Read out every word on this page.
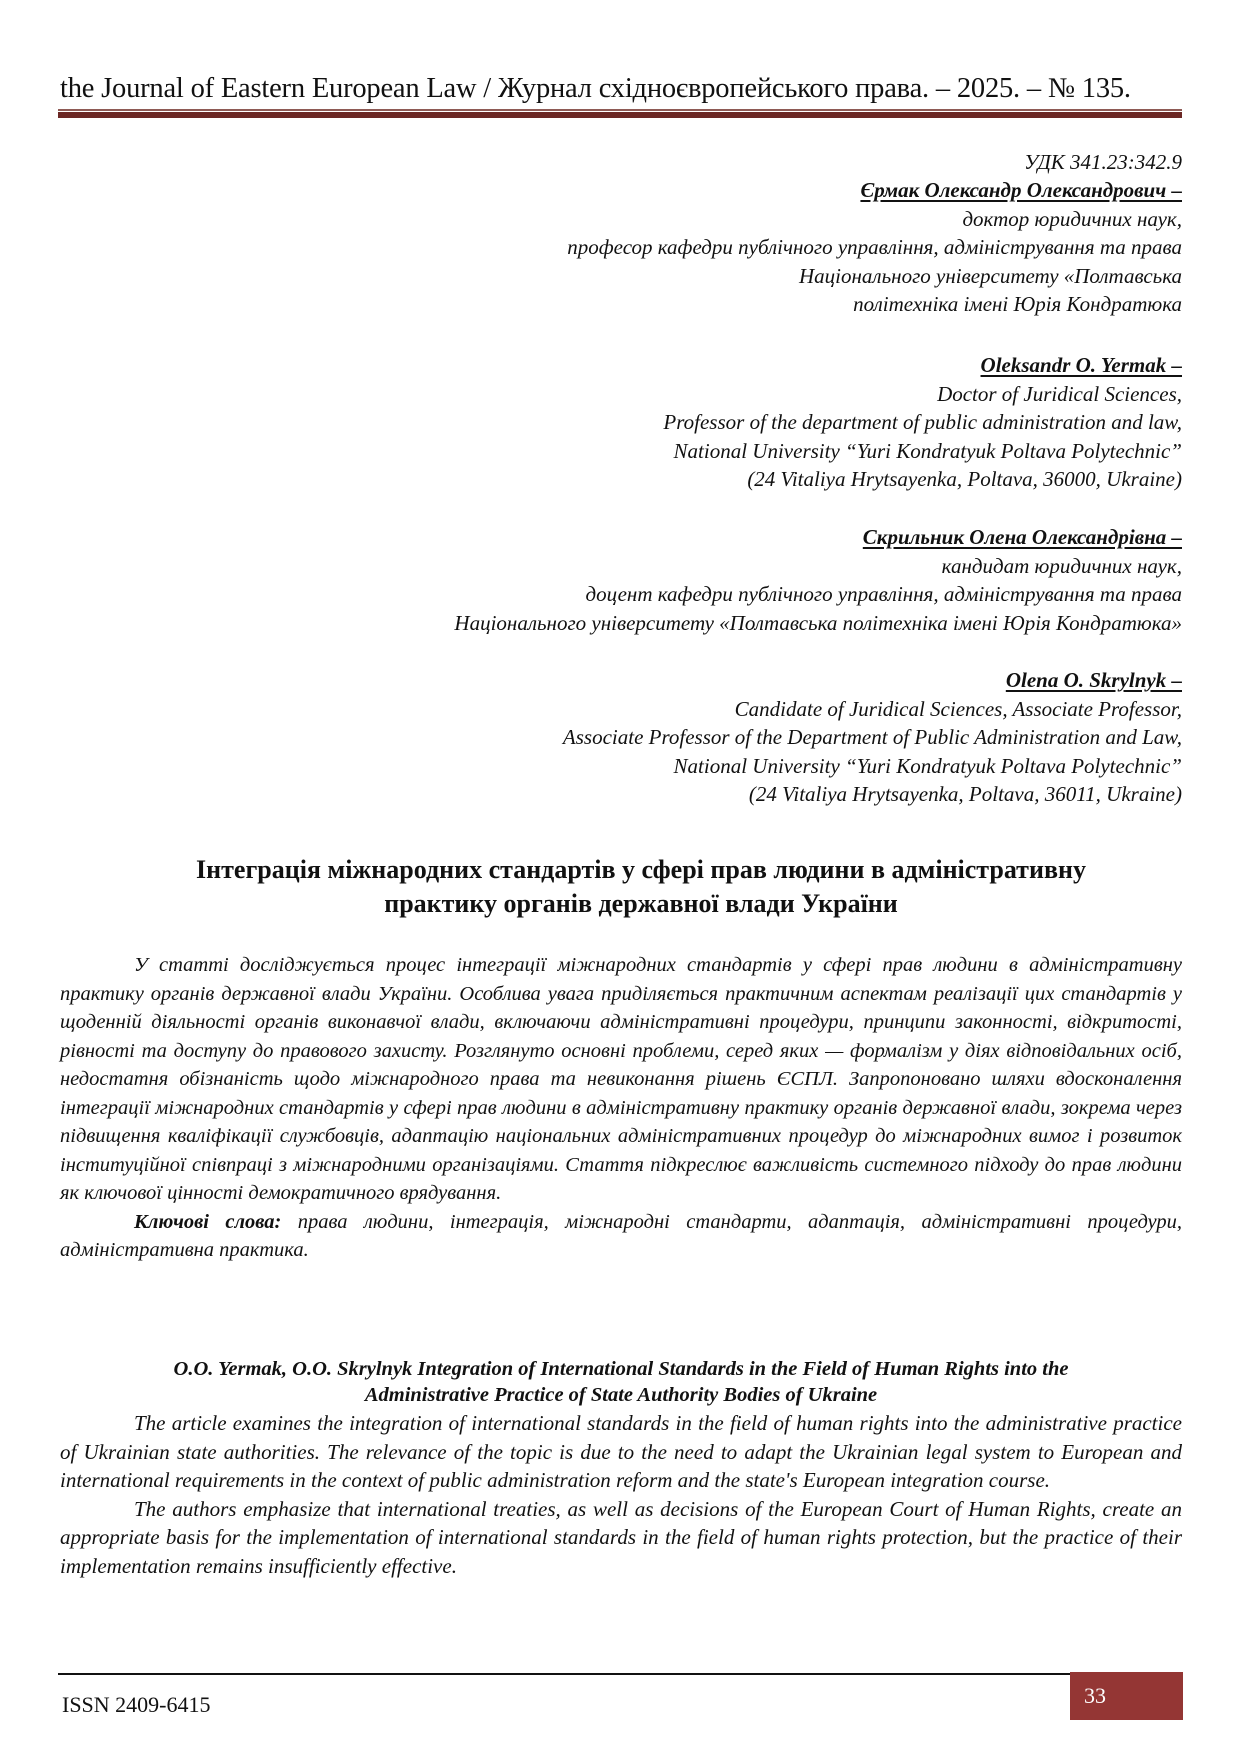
the Journal of Eastern European Law / Журнал східноєвропейського права. – 2025. – № 135.
УДК 341.23:342.9
Єрмак Олександр Олександрович –
доктор юридичних наук,
професор кафедри публічного управління, адміністрування та права
Національного університету «Полтавська
політехніка імені Юрія Кондратюка
Oleksandr O. Yermak –
Doctor of Juridical Sciences,
Professor of the department of public administration and law,
National University “Yuri Kondratyuk Poltava Polytechnic”
(24 Vitaliya Hrytsayenka, Poltava, 36000, Ukraine)
Скрильник Олена Олександрівна –
кандидат юридичних наук,
доцент кафедри публічного управління, адміністрування та права
Національного університету «Полтавська політехніка імені Юрія Кондратюка»
Olena O. Skrylnyk –
Candidate of Juridical Sciences, Associate Professor,
Associate Professor of the Department of Public Administration and Law,
National University “Yuri Kondratyuk Poltava Polytechnic”
(24 Vitaliya Hrytsayenka, Poltava, 36011, Ukraine)
Інтеграція міжнародних стандартів у сфері прав людини в адміністративну
практику органів державної влади України

У статті досліджується процес інтеграції міжнародних стандартів у сфері прав людини в адміністративну практику органів державної влади України. Особлива увага приділяється практичним аспектам реалізації цих стандартів у щоденній діяльності органів виконавчої влади, включаючи адміністративні процедури, принципи законності, відкритості, рівності та доступу до правового захисту. Розглянуто основні проблеми, серед яких — формалізм у діях відповідальних осіб, недостатня обізнаність щодо міжнародного права та невиконання рішень ЄСПЛ. Запропоновано шляхи вдосконалення інтеграції міжнародних стандартів у сфері прав людини в адміністративну практику органів державної влади, зокрема через підвищення кваліфікації службовців, адаптацію національних адміністративних процедур до міжнародних вимог і розвиток інституційної співпраці з міжнародними організаціями. Стаття підкреслює важливість системного підходу до прав людини як ключової цінності демократичного врядування.

Ключові слова: права людини, інтеграція, міжнародні стандарти, адаптація, адміністративні процедури, адміністративна практика.

O.O. Yermak, O.O. Skrylnyk Integration of International Standards in the Field of Human Rights into the
Administrative Practice of State Authority Bodies of Ukraine

The article examines the integration of international standards in the field of human rights into the administrative practice of Ukrainian state authorities. The relevance of the topic is due to the need to adapt the Ukrainian legal system to European and international requirements in the context of public administration reform and the state's European integration course.

The authors emphasize that international treaties, as well as decisions of the European Court of Human Rights, create an appropriate basis for the implementation of international standards in the field of human rights protection, but the practice of their implementation remains insufficiently effective.

ISSN 2409-6415	33
